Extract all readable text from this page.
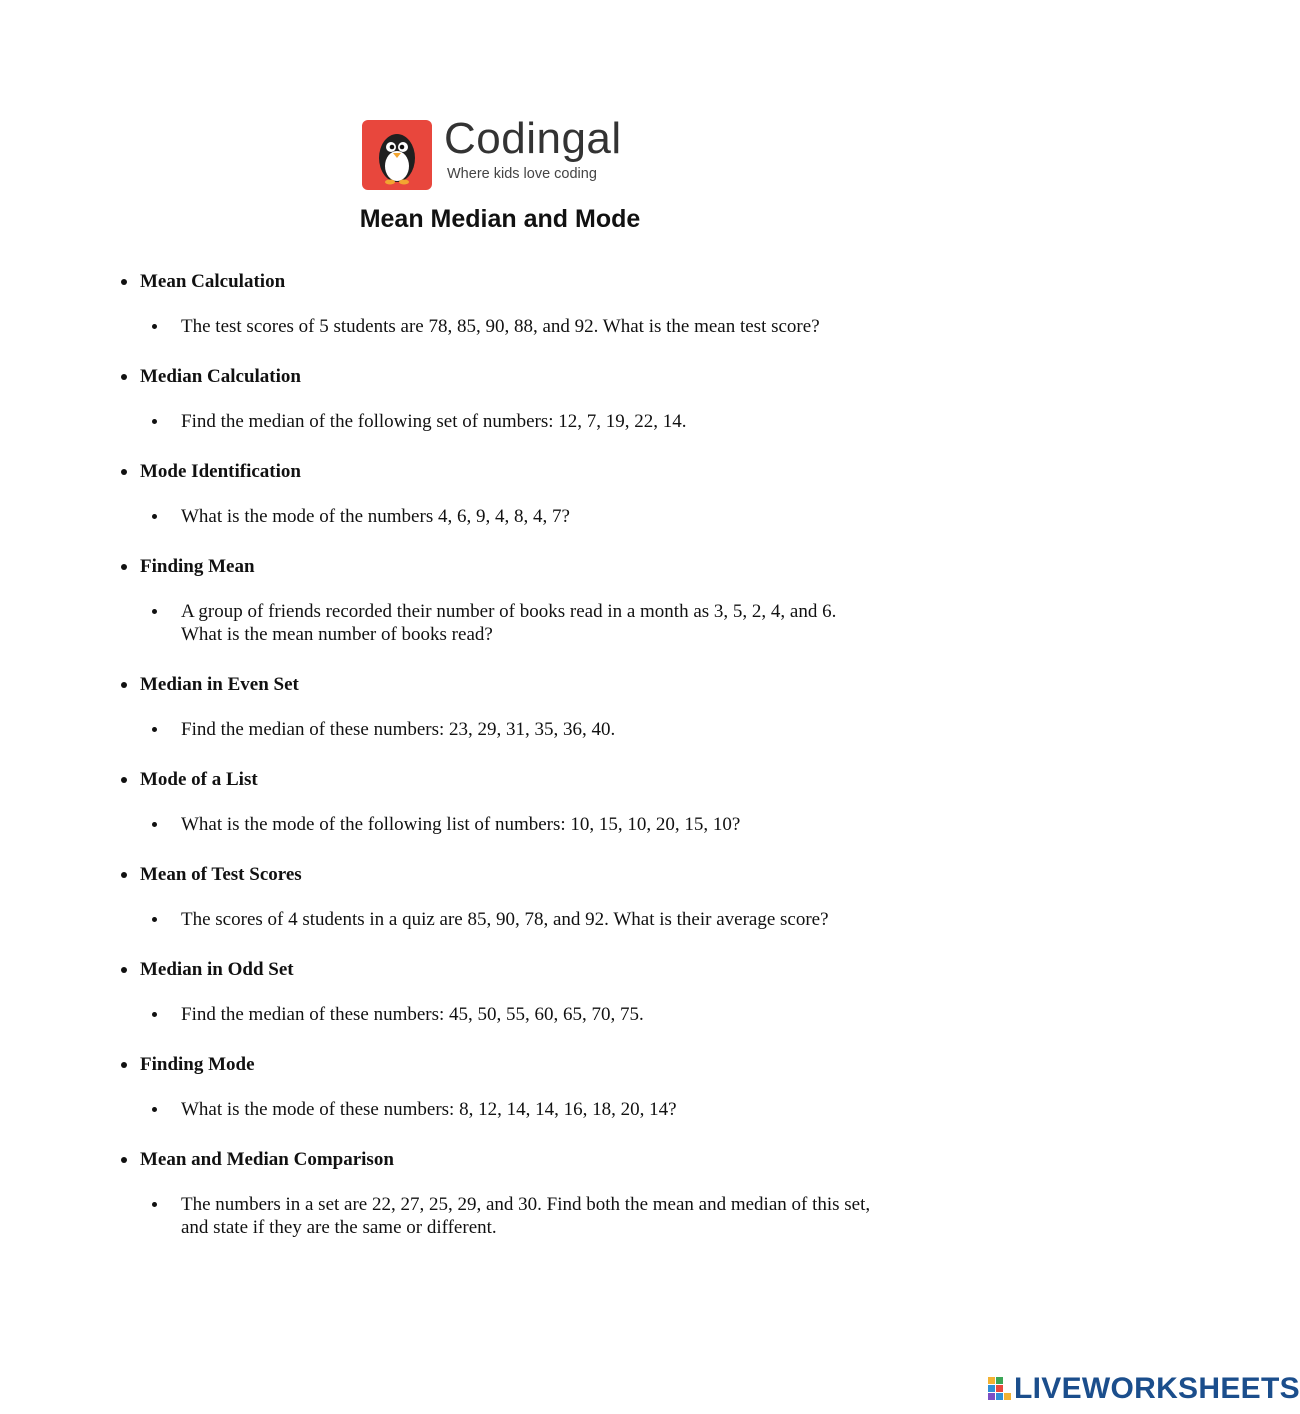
Codingal
Where kids love coding
Mean Median and Mode

Mean Calculation

The test scores of 5 students are 78, 85, 90, 88, and 92. What is the mean test score?

Median Calculation

Find the median of the following set of numbers: 12, 7, 19, 22, 14.

Mode Identification

What is the mode of the numbers 4, 6, 9, 4, 8, 4, 7?

Finding Mean

A group of friends recorded their number of books read in a month as 3, 5, 2, 4, and 6. What is the mean number of books read?

Median in Even Set

Find the median of these numbers: 23, 29, 31, 35, 36, 40.

Mode of a List

What is the mode of the following list of numbers: 10, 15, 10, 20, 15, 10?

Mean of Test Scores

The scores of 4 students in a quiz are 85, 90, 78, and 92. What is their average score?

Median in Odd Set

Find the median of these numbers: 45, 50, 55, 60, 65, 70, 75.

Finding Mode

What is the mode of these numbers: 8, 12, 14, 14, 16, 18, 20, 14?

Mean and Median Comparison

The numbers in a set are 22, 27, 25, 29, and 30. Find both the mean and median of this set, and state if they are the same or different.

LIVEWORKSHEETS
